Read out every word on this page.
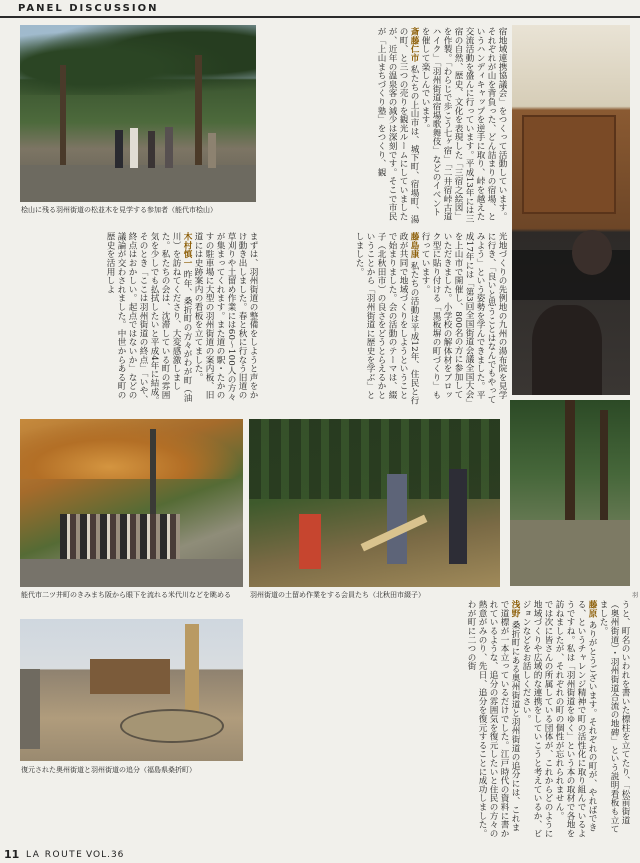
PANEL DISCUSSION
桧山に残る羽州街道の松並木を見学する参加者（能代市桧山）	宿地域連携協議会」をつくって活動しています。それぞれが山を背負った、どん詰まりの宿場、というハンディキャップを逆手に取り、峠を越えた交流活動を盛んに行っています。平成13年には三宿の自然、歴史、文化を表現した「三宿之絵図」を作製。「わらじで歩こう七ヶ宿」「二井宿峠古道ハイク」「羽州街道宿場歌舞伎」などのイベントを催して楽しんでいます。
斎藤仁市 私たちの上山市は、城下町、宿場町、湯の町、と三つの売りを観光ルームにしていましたが、近年の温泉客の減少は深刻です。そこで市民が「上山まちづくり塾」をつくり、観
光地づくりの先例地の九州の湯布院を見学に行き、「良いと思うことはなんでもやってみよう」という姿勢を学んできました。平成17年には「第3回全国街道会議全国大会」を上山市で開催し、800名の方に参加していただきました。小学校の解体材をブロック型に貼り付ける「黒板塀の町づくり」も行っています。
藤島康 私たちの活動は平成12年、住民と行政が共同で地域づくりをしようということで始まりました。会の活動のテーマは、綴子（北秋田市）の良さをどうとらえるかということから「羽州街道に歴史を学ぶ」としました。
まずは、羽州街道の整備をしようと声をかけ動き出しました。春と秋に行なう旧道の草刈りや土留め作業には60〜100人の方々が集まってくれます。また道の駅・たかのすの駐車場に大型の羽州街道の案内板、旧道には史跡案内の看板を立てました。
木村慎一 昨年、桑折町の方々がわが町（油川）を訪ねてくださり、大変感激しました。私たちの会は、沈滞している町の雰囲気を少しでも払拭したいと平成4年に結成。そのとき「ここは羽州街道の終点」「いや、終点はおかしい。起点ではないか」などの議論が交わされました。中世からある町の歴史を活用しよ
能代市二ツ井町のきみまち阪から眼下を流れる米代川などを眺める	羽州街道の土留め作業をする会員たち（北秋田市綴子）	羽
復元された奥州街道と羽州街道の追分（福島県桑折町）	うと、町名のいわれを書いた標柱を立てたり、「松前街道（奥州街道）・羽州街道合流の地碑」という説明看板も立てました。
藤原 ありがとうございます。それぞれの町が、やればできる、というチャレンジ精神で町の活性化に取り組んでいるようですね。私は「羽州街道をゆく」という本の取材で各地を訪ねましたが、それぞれの町の個性が忘れられません。
では次に皆さんの所属している団体が、これからどのように地域づくりや広域的な連携をしていこうと考えているか、ビジョンなどをお話しください。
浅野 桑折町にある奥州街道と羽州街道の追分には、これまで道標が一本立っているだけでした。江戸時代の資料に書かれているような、追分の雰囲気を復元したいと住民の方々の熱意がみのり、先日、追分を復元することに成功しました。わが町に二つの街
11 LA ROUTE VOL.36
